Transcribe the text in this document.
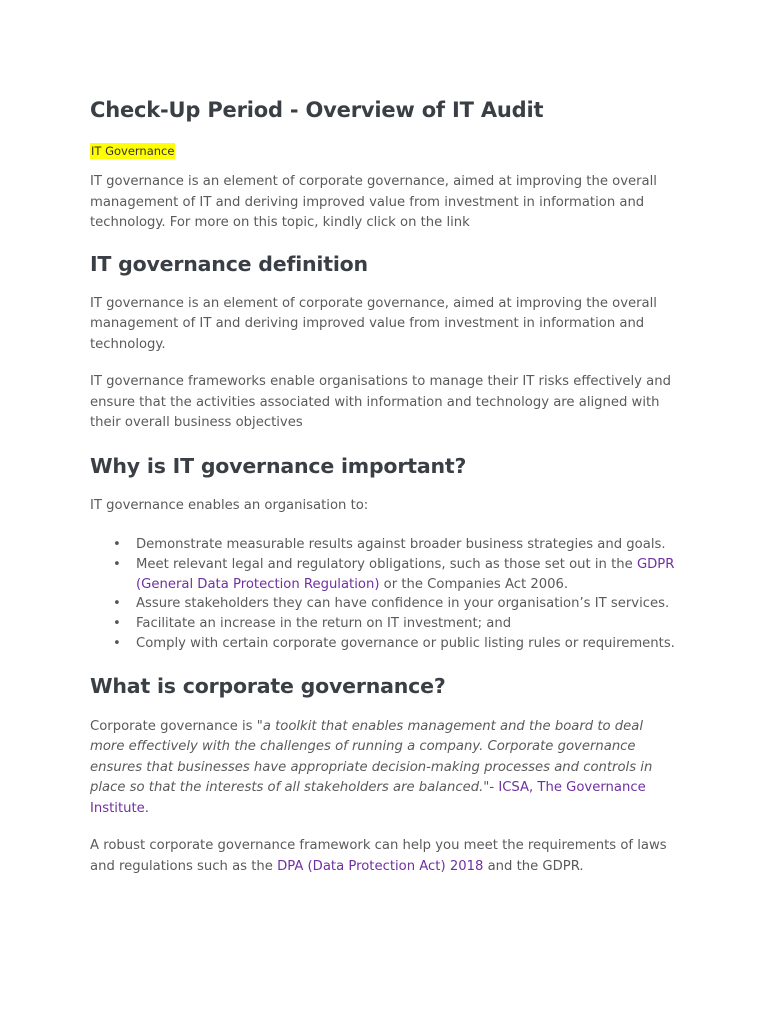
Check-Up Period - Overview of IT Audit
IT Governance

IT governance is an element of corporate governance, aimed at improving the overall management of IT and deriving improved value from investment in information and technology. For more on this topic, kindly click on the link

IT governance definition

IT governance is an element of corporate governance, aimed at improving the overall management of IT and deriving improved value from investment in information and technology.

IT governance frameworks enable organisations to manage their IT risks effectively and ensure that the activities associated with information and technology are aligned with their overall business objectives

Why is IT governance important?

IT governance enables an organisation to:

• Demonstrate measurable results against broader business strategies and goals.
• Meet relevant legal and regulatory obligations, such as those set out in the GDPR (General Data Protection Regulation) or the Companies Act 2006.
• Assure stakeholders they can have confidence in your organisation’s IT services.
• Facilitate an increase in the return on IT investment; and
• Comply with certain corporate governance or public listing rules or requirements.
What is corporate governance?

Corporate governance is "a toolkit that enables management and the board to deal more effectively with the challenges of running a company. Corporate governance ensures that businesses have appropriate decision-making processes and controls in place so that the interests of all stakeholders are balanced."- ICSA, The Governance Institute.

A robust corporate governance framework can help you meet the requirements of laws and regulations such as the DPA (Data Protection Act) 2018 and the GDPR.
